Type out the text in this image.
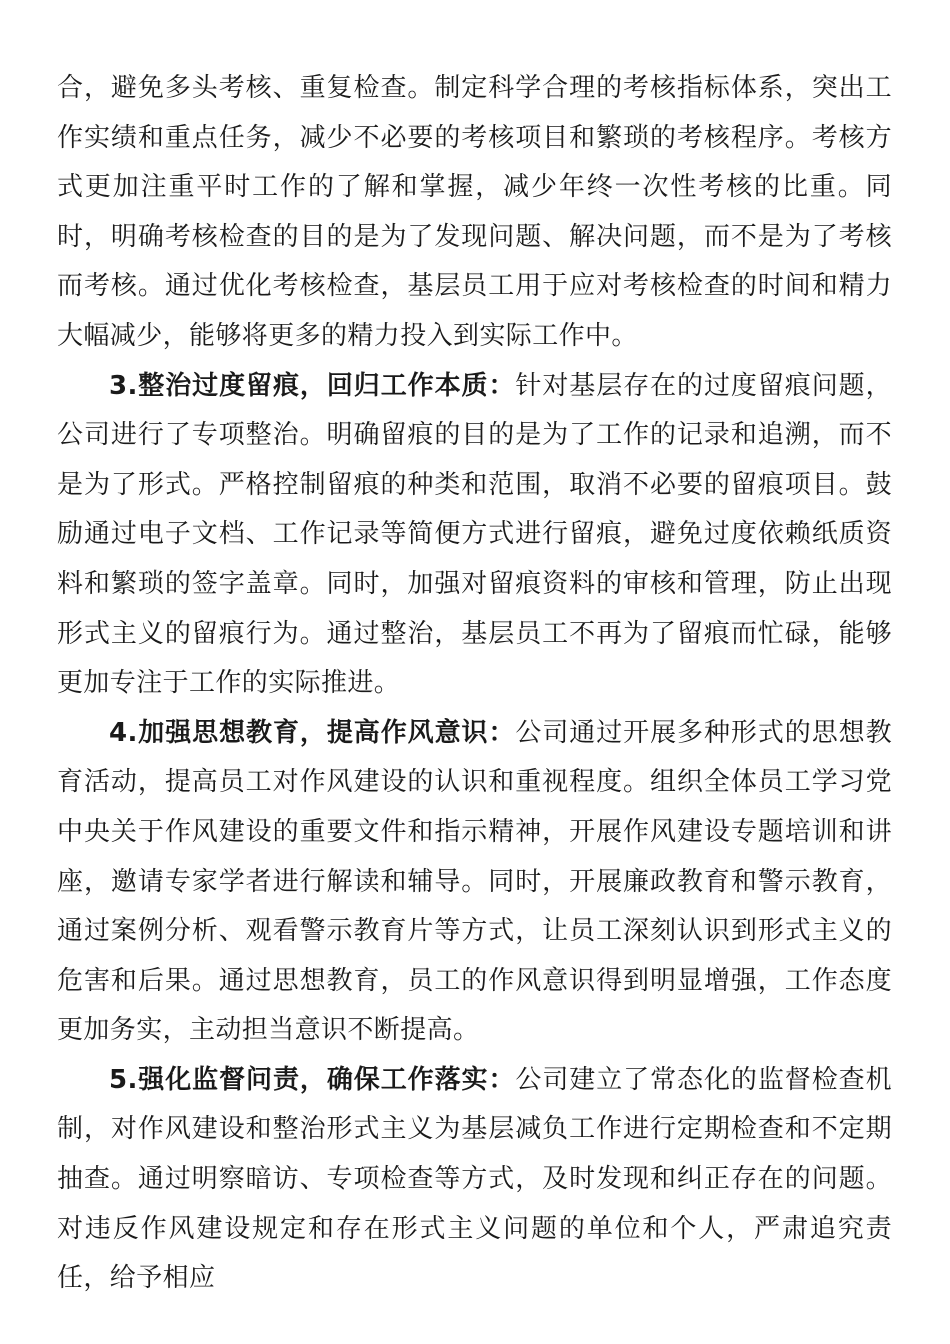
合，避免多头考核、重复检查。制定科学合理的考核指标体系，突出工作实绩和重点任务，减少不必要的考核项目和繁琐的考核程序。考核方式更加注重平时工作的了解和掌握，减少年终一次性考核的比重。同时，明确考核检查的目的是为了发现问题、解决问题，而不是为了考核而考核。通过优化考核检查，基层员工用于应对考核检查的时间和精力大幅减少，能够将更多的精力投入到实际工作中。

3.整治过度留痕，回归工作本质：针对基层存在的过度留痕问题，公司进行了专项整治。明确留痕的目的是为了工作的记录和追溯，而不是为了形式。严格控制留痕的种类和范围，取消不必要的留痕项目。鼓励通过电子文档、工作记录等简便方式进行留痕，避免过度依赖纸质资料和繁琐的签字盖章。同时，加强对留痕资料的审核和管理，防止出现形式主义的留痕行为。通过整治，基层员工不再为了留痕而忙碌，能够更加专注于工作的实际推进。

4.加强思想教育，提高作风意识：公司通过开展多种形式的思想教育活动，提高员工对作风建设的认识和重视程度。组织全体员工学习党中央关于作风建设的重要文件和指示精神，开展作风建设专题培训和讲座，邀请专家学者进行解读和辅导。同时，开展廉政教育和警示教育，通过案例分析、观看警示教育片等方式，让员工深刻认识到形式主义的危害和后果。通过思想教育，员工的作风意识得到明显增强，工作态度更加务实，主动担当意识不断提高。

5.强化监督问责，确保工作落实：公司建立了常态化的监督检查机制，对作风建设和整治形式主义为基层减负工作进行定期检查和不定期抽查。通过明察暗访、专项检查等方式，及时发现和纠正存在的问题。对违反作风建设规定和存在形式主义问题的单位和个人，严肃追究责任，给予相应
